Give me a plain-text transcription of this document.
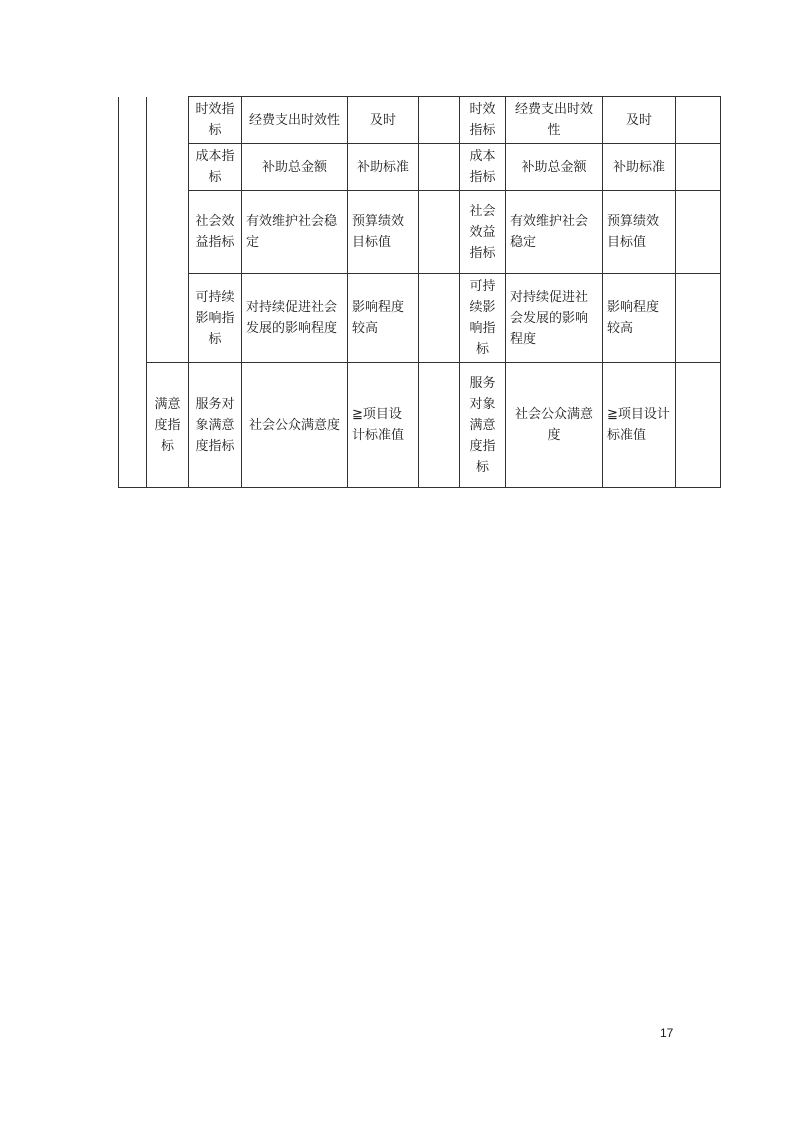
		时效指标	经费支出时效性	及时		时效指标	经费支出时效性	及时	
		成本指标	补助总金额	补助标准		成本指标	补助总金额	补助标准	
		社会效益指标	有效维护社会稳定	预算绩效目标值		社会效益指标	有效维护社会稳定	预算绩效目标值	
		可持续影响指标	对持续促进社会发展的影响程度	影响程度较高		可持续影响指标	对持续促进社会发展的影响程度	影响程度较高	
	满意度指标	服务对象满意度指标	社会公众满意度	≧项目设计标准值		服务对象满意度指标	社会公众满意度	≧项目设计标准值	
17
